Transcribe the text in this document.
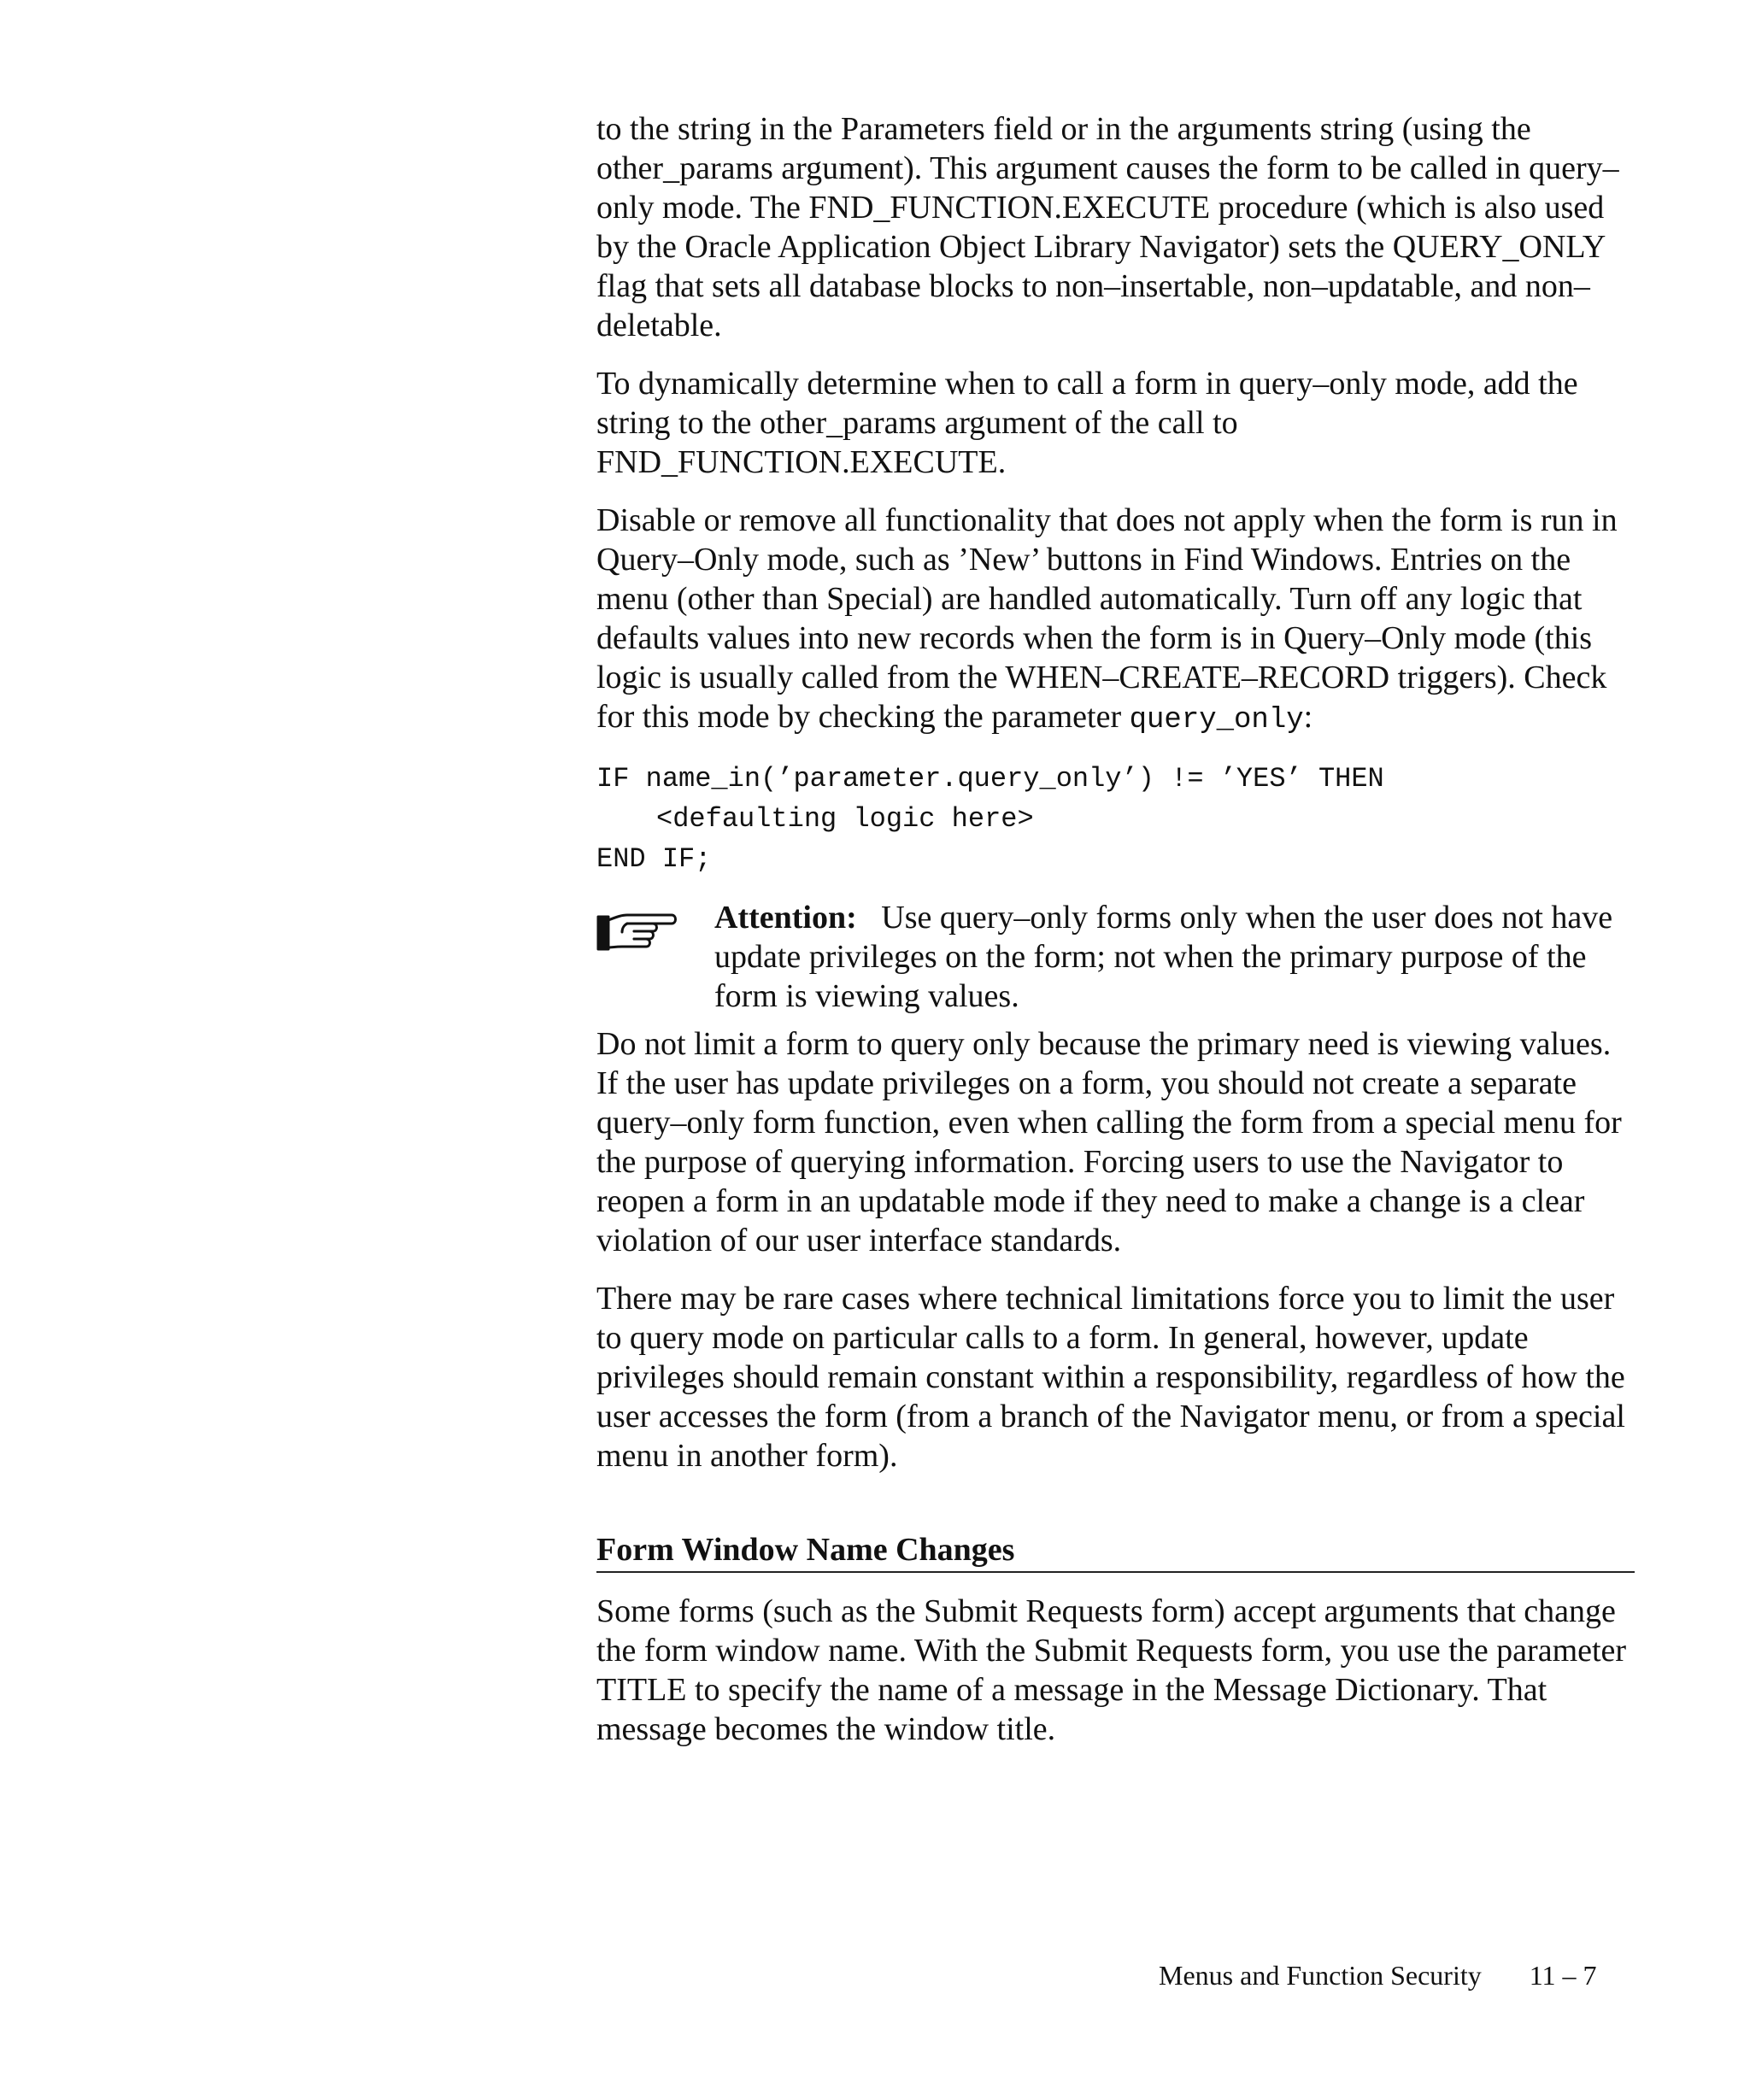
to the string in the Parameters field or in the arguments string (using the other_params argument). This argument causes the form to be called in query–only mode. The FND_FUNCTION.EXECUTE procedure (which is also used by the Oracle Application Object Library Navigator) sets the QUERY_ONLY flag that sets all database blocks to non–insertable, non–updatable, and non–deletable.

To dynamically determine when to call a form in query–only mode, add the string to the other_params argument of the call to FND_FUNCTION.EXECUTE.

Disable or remove all functionality that does not apply when the form is run in Query–Only mode, such as ’New’ buttons in Find Windows. Entries on the menu (other than Special) are handled automatically. Turn off any logic that defaults values into new records when the form is in Query–Only mode (this logic is usually called from the WHEN–CREATE–RECORD triggers). Check for this mode by checking the parameter query_only:

IF name_in(’parameter.query_only’) != ’YES’ THEN
<defaulting logic here>
END IF;

Attention:   Use query–only forms only when the user does not have update privileges on the form; not when the primary purpose of the form is viewing values.

Do not limit a form to query only because the primary need is viewing values. If the user has update privileges on a form, you should not create a separate query–only form function, even when calling the form from a special menu for the purpose of querying information. Forcing users to use the Navigator to reopen a form in an updatable mode if they need to make a change is a clear violation of our user interface standards.

There may be rare cases where technical limitations force you to limit the user to query mode on particular calls to a form. In general, however, update privileges should remain constant within a responsibility, regardless of how the user accesses the form (from a branch of the Navigator menu, or from a special menu in another form).

Form Window Name Changes

Some forms (such as the Submit Requests form) accept arguments that change the form window name. With the Submit Requests form, you use the parameter TITLE to specify the name of a message in the Message Dictionary. That message becomes the window title.

Menus and Function Security 11 – 7
